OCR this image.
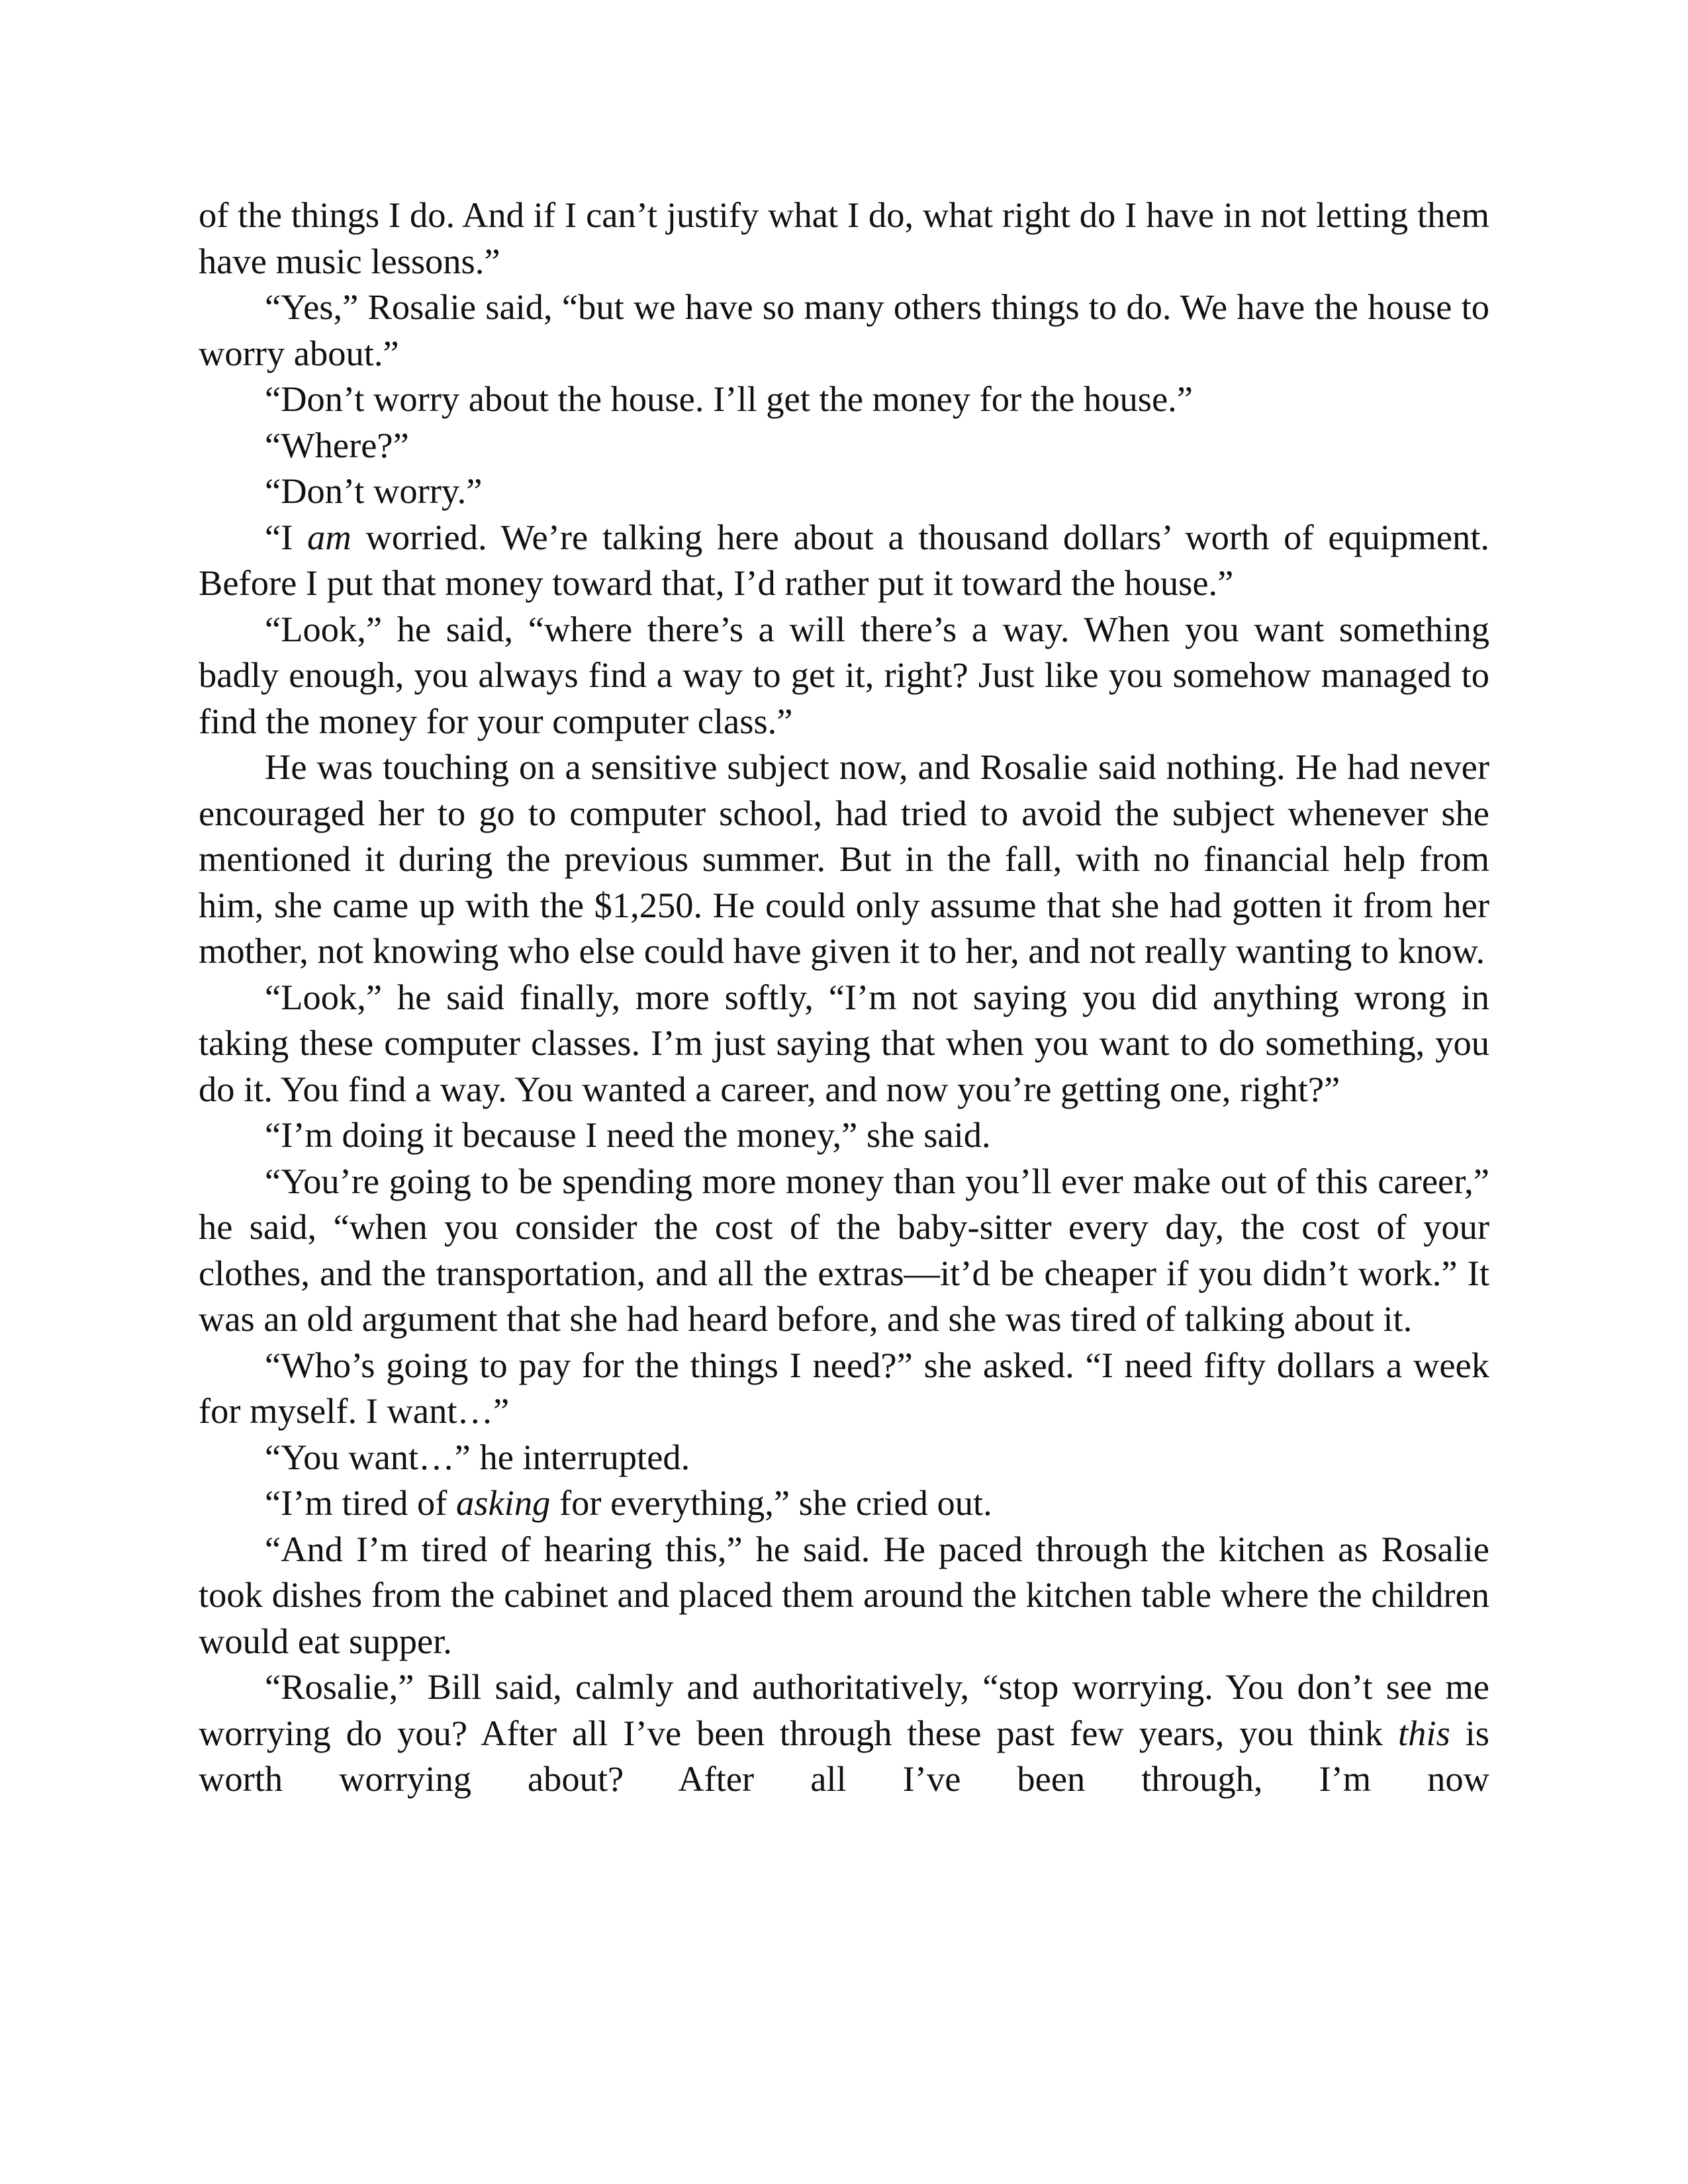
of the things I do. And if I can’t justify what I do, what right do I have in not letting them have music lessons.”

“Yes,” Rosalie said, “but we have so many others things to do. We have the house to worry about.”

“Don’t worry about the house. I’ll get the money for the house.”

“Where?”

“Don’t worry.”

“I am worried. We’re talking here about a thousand dollars’ worth of equipment. Before I put that money toward that, I’d rather put it toward the house.”

“Look,” he said, “where there’s a will there’s a way. When you want something badly enough, you always find a way to get it, right? Just like you somehow managed to find the money for your computer class.”

He was touching on a sensitive subject now, and Rosalie said nothing. He had never encouraged her to go to computer school, had tried to avoid the subject whenever she mentioned it during the previous summer. But in the fall, with no financial help from him, she came up with the $1,250. He could only assume that she had gotten it from her mother, not knowing who else could have given it to her, and not really wanting to know.

“Look,” he said finally, more softly, “I’m not saying you did anything wrong in taking these computer classes. I’m just saying that when you want to do something, you do it. You find a way. You wanted a career, and now you’re getting one, right?”

“I’m doing it because I need the money,” she said.

“You’re going to be spending more money than you’ll ever make out of this career,” he said, “when you consider the cost of the baby-sitter every day, the cost of your clothes, and the transportation, and all the extras—it’d be cheaper if you didn’t work.” It was an old argument that she had heard before, and she was tired of talking about it.

“Who’s going to pay for the things I need?” she asked. “I need fifty dollars a week for myself. I want…”

“You want…” he interrupted.

“I’m tired of asking for everything,” she cried out.

“And I’m tired of hearing this,” he said. He paced through the kitchen as Rosalie took dishes from the cabinet and placed them around the kitchen table where the children would eat supper.

“Rosalie,” Bill said, calmly and authoritatively, “stop worrying. You don’t see me worrying do you? After all I’ve been through these past few years, you think this is worth worrying about? After all I’ve been through, I’m now
